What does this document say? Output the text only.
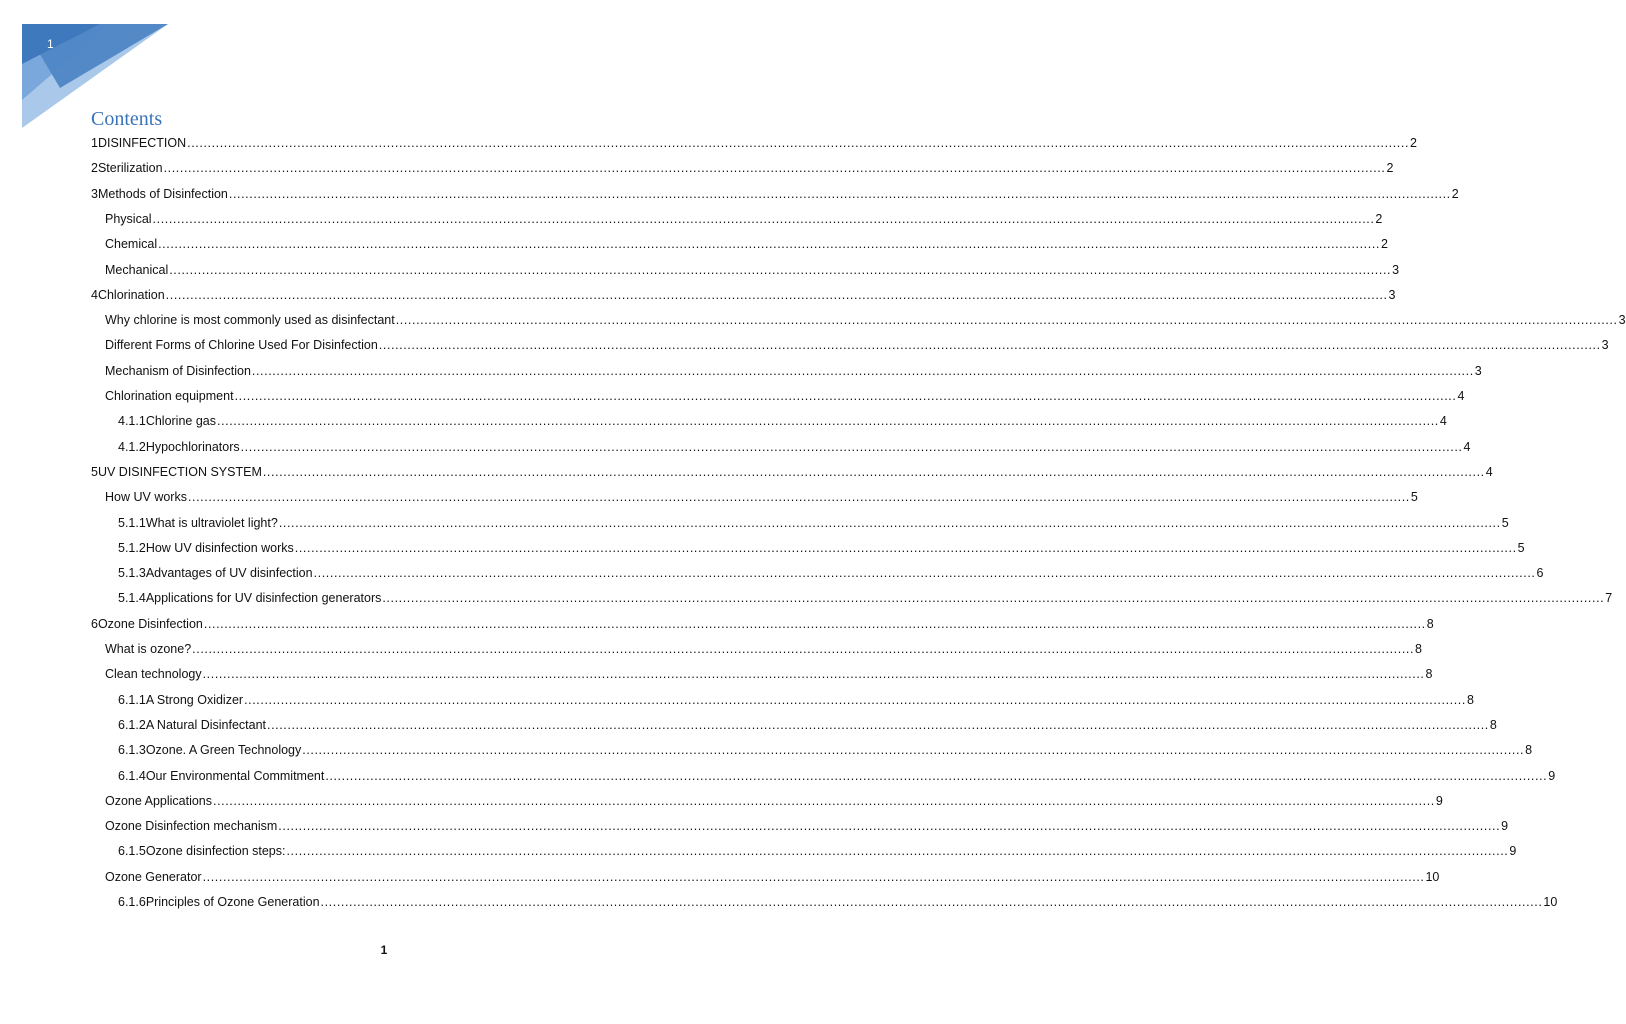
1
Contents
1 DISINFECTION ............................................................................................................................................................................................................................................................................................................ 2
2 Sterilization ............................................................................................................................................................................................................................................................................................................ 2
3 Methods of Disinfection ............................................................................................................................................................................................................................................................................................................ 2
Physical ............................................................................................................................................................................................................................................................................................................ 2
Chemical ............................................................................................................................................................................................................................................................................................................ 2
Mechanical ............................................................................................................................................................................................................................................................................................................ 3
4 Chlorination ............................................................................................................................................................................................................................................................................................................ 3
Why chlorine is most commonly used as disinfectant ............................................................................................................................................................................................................................................................................................................ 3
Different Forms of Chlorine Used For Disinfection ............................................................................................................................................................................................................................................................................................................ 3
Mechanism of Disinfection ............................................................................................................................................................................................................................................................................................................ 3
Chlorination equipment ............................................................................................................................................................................................................................................................................................................ 4
4.1.1 Chlorine gas ............................................................................................................................................................................................................................................................................................................ 4
4.1.2 Hypochlorinators ............................................................................................................................................................................................................................................................................................................ 4
5 UV DISINFECTION SYSTEM ............................................................................................................................................................................................................................................................................................................ 4
How UV works ............................................................................................................................................................................................................................................................................................................ 5
5.1.1 What is ultraviolet light? ............................................................................................................................................................................................................................................................................................................ 5
5.1.2 How UV disinfection works ............................................................................................................................................................................................................................................................................................................ 5
5.1.3 Advantages of UV disinfection ............................................................................................................................................................................................................................................................................................................ 6
5.1.4 Applications for UV disinfection generators ............................................................................................................................................................................................................................................................................................................ 7
6 Ozone Disinfection ............................................................................................................................................................................................................................................................................................................ 8
What is ozone? ............................................................................................................................................................................................................................................................................................................ 8
Clean technology ............................................................................................................................................................................................................................................................................................................ 8
6.1.1 A Strong Oxidizer ............................................................................................................................................................................................................................................................................................................ 8
6.1.2 A Natural Disinfectant ............................................................................................................................................................................................................................................................................................................ 8
6.1.3 Ozone. A Green Technology ............................................................................................................................................................................................................................................................................................................ 8
6.1.4 Our Environmental Commitment ............................................................................................................................................................................................................................................................................................................ 9
Ozone Applications ............................................................................................................................................................................................................................................................................................................ 9
Ozone Disinfection mechanism ............................................................................................................................................................................................................................................................................................................ 9
6.1.5 Ozone disinfection steps: ............................................................................................................................................................................................................................................................................................................ 9
Ozone Generator ............................................................................................................................................................................................................................................................................................................ 10
6.1.6 Principles of Ozone Generation ............................................................................................................................................................................................................................................................................................................ 10
1
